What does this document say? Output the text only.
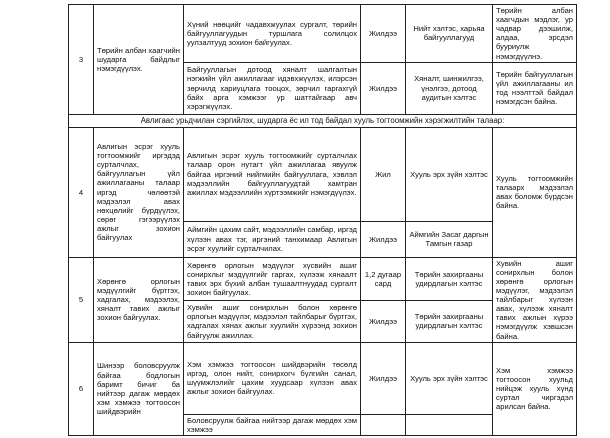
3	Төрийн албан хаагчийн шударга байдлыг нэмэгдүүлэх.	Хүний нөөцийг чадавхжуулах сургалт, төрийн байгууллагуудын туршлага солилцох уулзалтууд зохион байгуулах.	Жилдээ	Нийт хэлтэс, харьяа байгууллагууд	Төрийн албан хаагчдын мэдлэг, ур чадвар дээшилж, алдаа, эрсдэл бууриулж нэмэгдүүлнэ.
		Байгууллагын дотоод хяналт шалгалтын нэгжийн үйл ажиллагааг идэвхжүүлэх, илэрсэн зөрчилд хариуцлага тооцох, зөрчил гаргахгүй байх арга хэмжээг ур шаттайгаар авч хэрэгжүүлэх.	Жилдээ	Хяналт, шинжилгээ, үнэлгээ, дотоод аудитын хэлтэс	Төрийн байгууллагын үйл ажиллагааны ил тод нээлттэй байдал нэмэгдсэн байна.
Авлигаас урьдчилан сэргийлэх, шударга ёс ил тод байдал хууль тогтоомжийн хэрэгжилтийн талаар:					
4	Авлигын эсрэг хууль тогтоомжийг иргэдэд сурталчлах, байгууллагын үйл ажиллагааны талаар иргэд чөлөөтэй мэдээлэл авах нөхцөлийг бүрдүүлэх, сөрөг гэгээрүүлэх ажлыг зохион байгуулах	Авлигын эсрэг хууль тогтоомжийг сурталчлах талаар орон нутагт үйл ажиллагаа явуулж байгаа иргэний нийгмийн байгууллага, хэвлэл мэдээллийн байгууллагуудтай хамтран ажиллах мэдээллийн хүртээмжийг нэмэгдүүлэх.	Жил	Хууль эрх зүйн хэлтэс	Хууль тогтоомжийн талаарх мэдээлэл авах боломж бүрдсэн байна.
		Аймгийн цахим сайт, мэдээллийн самбар, иргэд хүлээн авах тэг, иргэний танхимаар Авлигын эсрэг хуулийг сурталчилах.	Жилдээ	Аймгийн Засаг даргын Тамгын газар	
5	Хөрөнгө орлогын мэдүүлгийг бүртгэх, хадгалах, мэдээлэх, хяналт тавих ажлыг зохион байгуулах.	Хөрөнгө орлогын мэдүүлэг хүсвийн ашиг сонирхлыг мэдүүлгийг гаргах, хүлээж хянаалт тавих эрх бүхий албан тушаалтнуудад сургалт зохион байгуулах.	1,2 дугаар сард	Төрийн захиргааны удирдлагын хэлтэс	Хувийн ашиг сонирхлын болон хөрөнгө орлогын мэдүүлэг, мэдээлэл тайлбарыг хүлээн авах, хүлээж хяналт тавих ажлын хүрээ нэмэгдүүлж хэвшсэн байна.
		Хувийн ашиг сонирхлын болон хөрөнгө орлогын мэдүүлэг, мэдээлэл тайлбарыг бүртгэх, хадгалах хянах ажлыг хуулийн хүрээнд зохион байгуулж ажиллах.	Жилдээ	Төрийн захиргааны удирдлагын хэлтэс	
6	Шинээр боловсруулж байгаа бодлогын баримт бичиг ба нийтээр дагаж мөрдөх хэм хэмжээ тогтоосон шийдвэрийн	Хэм хэмжээ тогтоосон шийдвэрийн төсөлд иргэд, олон нийт, сонирхогч бүлгийн санал, шүүмжлэлийг цахим хуудсаар хүлээн авах ажлыг зохион байгуулах.	Жилдээ	Хууль эрх зүйн хэлтэс	Хэм хэмжээ тогтоосон хуульд нийцэж хууль хүнд суртал чиргэдэл арилсан байна.
		Боловсруулж байгаа нийтээр дагаж мөрдөх хэм хэмжээ			
